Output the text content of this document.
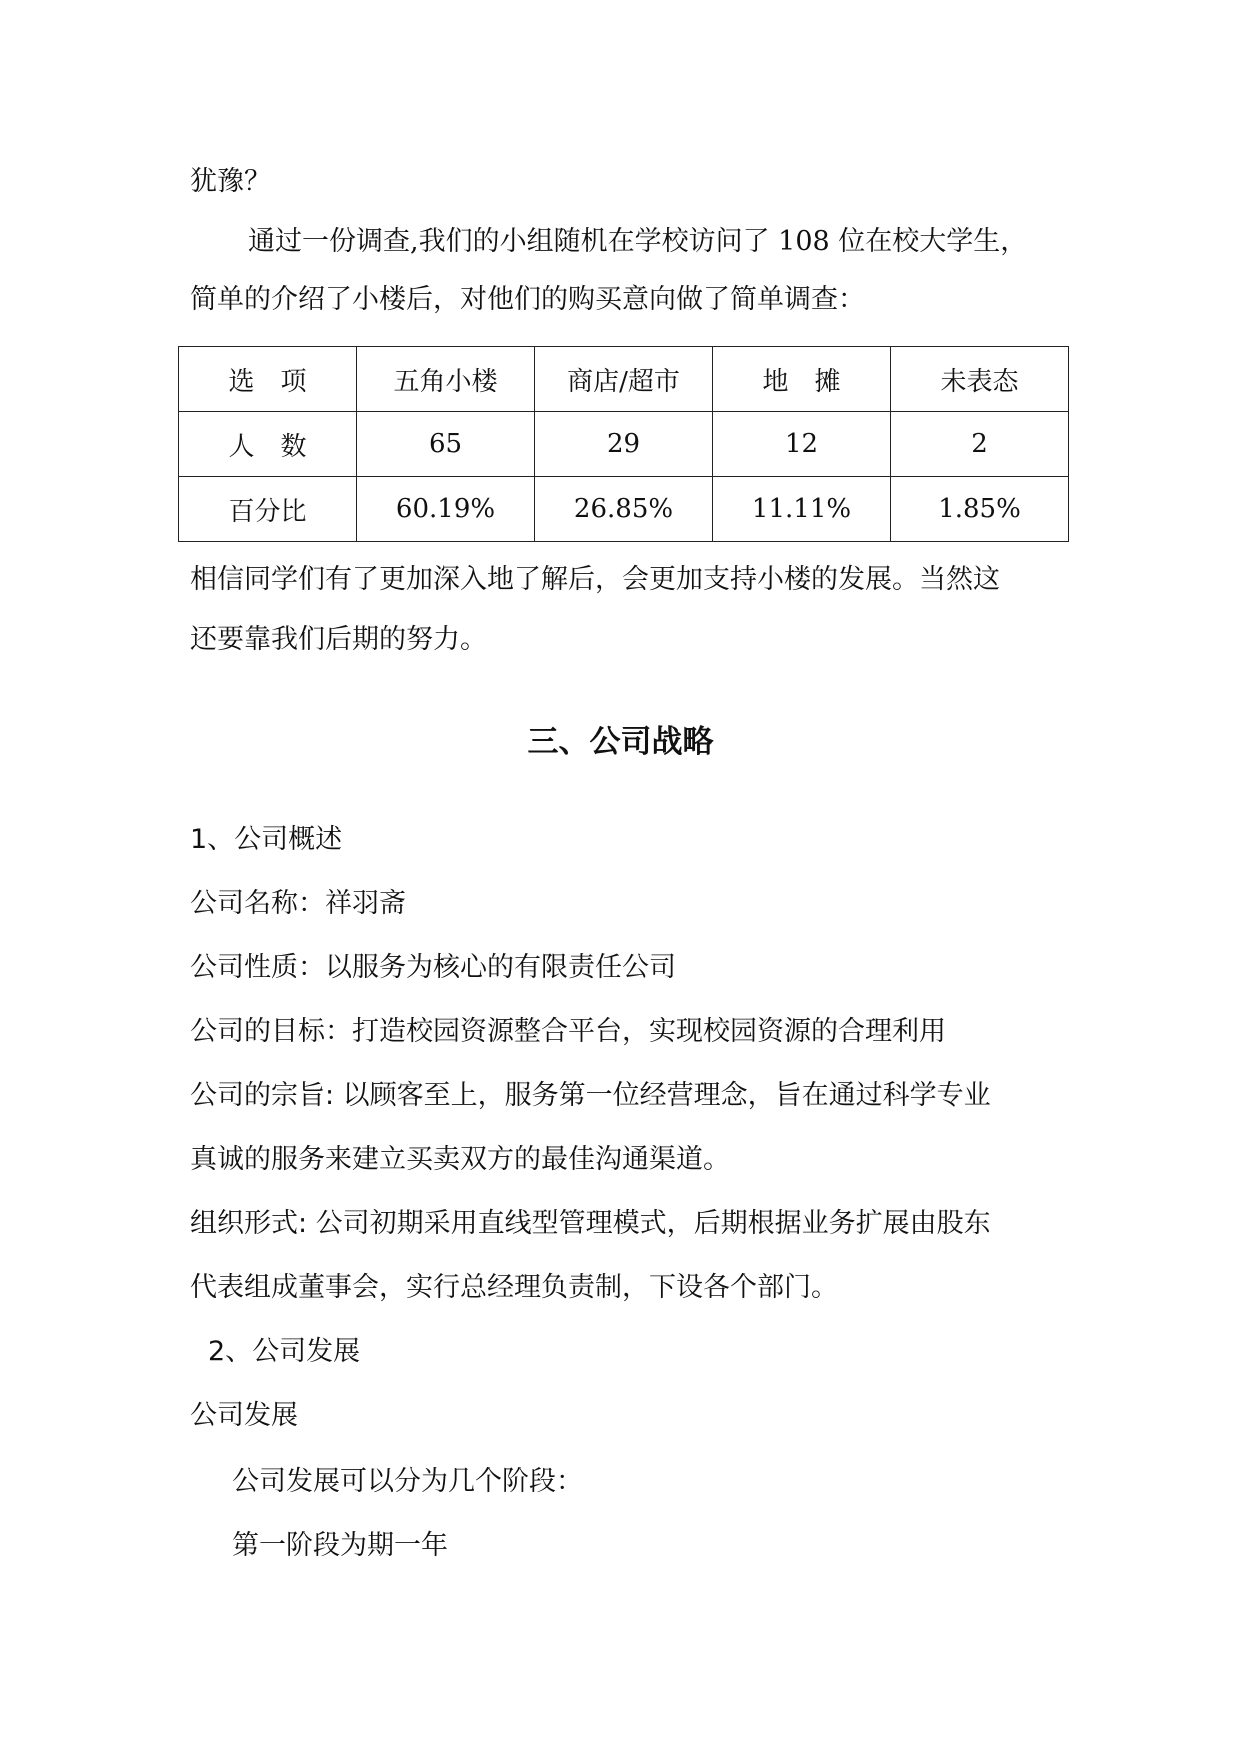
犹豫？

通过一份调查,我们的小组随机在学校访问了 108 位在校大学生，

简单的介绍了小楼后，对他们的购买意向做了简单调查：

选　项	五角小楼	商店/超市	地　摊	未表态
人　数	65	29	12	2
百分比	60.19%	26.85%	11.11%	1.85%

相信同学们有了更加深入地了解后，会更加支持小楼的发展。当然这

还要靠我们后期的努力。

三、公司战略

1、公司概述

公司名称：祥羽斋

公司性质：以服务为核心的有限责任公司

公司的目标：打造校园资源整合平台，实现校园资源的合理利用

公司的宗旨: 以顾客至上，服务第一位经营理念，旨在通过科学专业

真诚的服务来建立买卖双方的最佳沟通渠道。

组织形式: 公司初期采用直线型管理模式，后期根据业务扩展由股东

代表组成董事会，实行总经理负责制，下设各个部门。

2、公司发展

公司发展

公司发展可以分为几个阶段：

第一阶段为期一年
